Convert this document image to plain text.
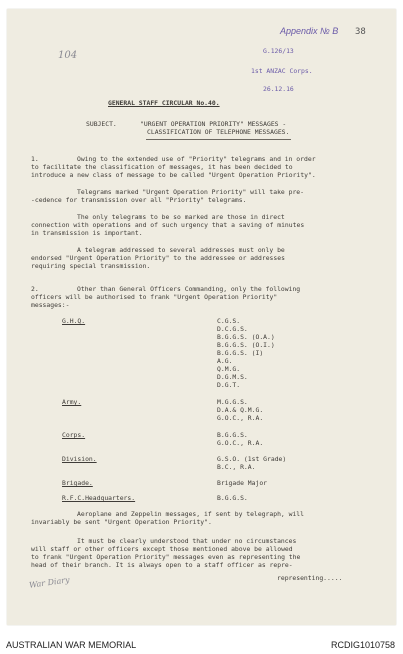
Appendix № B 38
104	G.126/13
1st ANZAC Corps.
26.12.16
GENERAL STAFF CIRCULAR No.40.
SUBJECT.	"URGENT OPERATION PRIORITY" MESSAGES -
CLASSIFICATION OF TELEPHONE MESSAGES.
1.	Owing to the extended use of "Priority" telegrams and in order
to facilitate the classification of messages, it has been decided to
introduce a new class of message to be called "Urgent Operation Priority".
Telegrams marked "Urgent Operation Priority" will take pre-
-cedence for transmission over all "Priority" telegrams.
The only telegrams to be so marked are those in direct
connection with operations and of such urgency that a saving of minutes
in transmission is important.
A telegram addressed to several addresses must only be
endorsed "Urgent Operation Priority" to the addressee or addresses
requiring special transmission.
2.	Other than General Officers Commanding, only the following
officers will be authorised to frank "Urgent Operation Priority"
messages:-
G.H.Q.	C.G.S.
D.C.G.S.
B.G.G.S. (O.A.)
B.G.G.S. (O.I.)
B.G.G.S. (I)
A.G.
Q.M.G.
D.G.M.S.
D.G.T.
Army.	M.G.G.S.
D.A.& Q.M.G.
G.O.C., R.A.
Corps.	B.G.G.S.
G.O.C., R.A.
Division.	G.S.O. (1st Grade)
B.C., R.A.
Brigade.	Brigade Major
R.F.C.Headquarters.	B.G.G.S.
Aeroplane and Zeppelin messages, if sent by telegraph, will
invariably be sent "Urgent Operation Priority".
It must be clearly understood that under no circumstances
will staff or other officers except those mentioned above be allowed
to frank "Urgent Operation Priority" messages even as representing the
head of their branch. It is always open to a staff officer as repre-
War Diary	representing.....
AUSTRALIAN WAR MEMORIAL	RCDIG1010758
